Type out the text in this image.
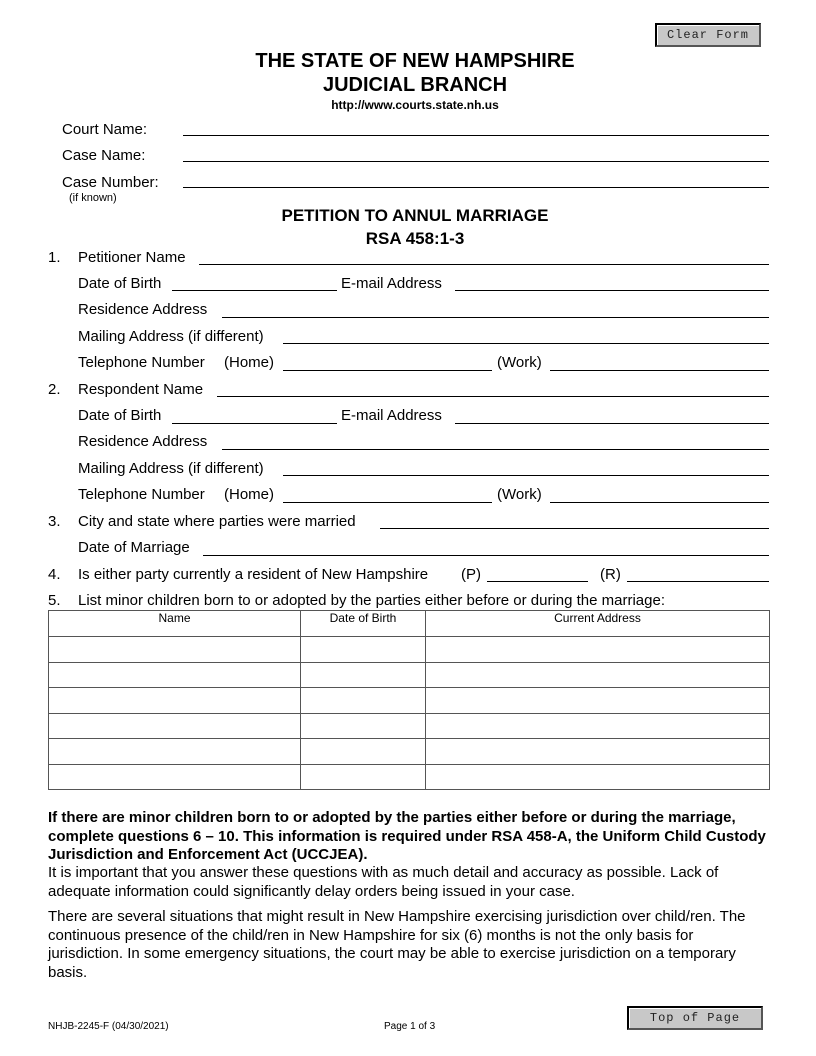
Clear Form
THE STATE OF NEW HAMPSHIRE
JUDICIAL BRANCH
http://www.courts.state.nh.us
Court Name:
Case Name:
Case Number:
(if known)
PETITION TO ANNUL MARRIAGE
RSA 458:1-3
1. Petitioner Name
Date of Birth	E-mail Address
Residence Address
Mailing Address (if different)
Telephone Number (Home)	(Work)
2. Respondent Name
Date of Birth	E-mail Address
Residence Address
Mailing Address (if different)
Telephone Number (Home)	(Work)
3. City and state where parties were married
Date of Marriage
4. Is either party currently a resident of New Hampshire (P)	(R)
5. List minor children born to or adopted by the parties either before or during the marriage:
Name	Date of Birth	Current Address

If there are minor children born to or adopted by the parties either before or during the marriage, complete questions 6 – 10. This information is required under RSA 458-A, the Uniform Child Custody Jurisdiction and Enforcement Act (UCCJEA).
It is important that you answer these questions with as much detail and accuracy as possible. Lack of adequate information could significantly delay orders being issued in your case.
There are several situations that might result in New Hampshire exercising jurisdiction over child/ren. The continuous presence of the child/ren in New Hampshire for six (6) months is not the only basis for jurisdiction. In some emergency situations, the court may be able to exercise jurisdiction on a temporary basis.
NHJB-2245-F (04/30/2021)	Page 1 of 3
Top of Page
